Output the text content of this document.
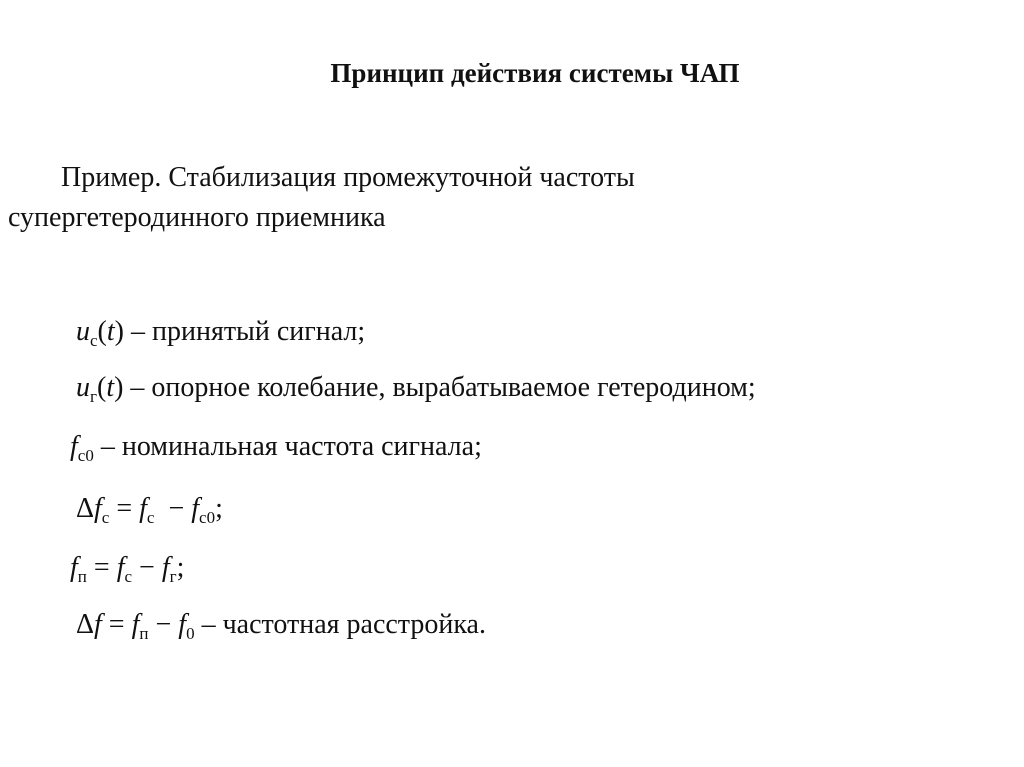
Принцип действия системы ЧАП
Пример. Стабилизация промежуточной частоты
супергетеродинного приемника
$u_с(t)$ – принятый сигнал;
$u_г(t)$ – опорное колебание, вырабатываемое гетеродином;
$f_{с0}$ – номинальная частота сигнала;
$\Delta f_с = f_с - f_{с0}$;
$f_п = f_с - f_г$;
$\Delta f = f_п - f_0$ – частотная расстройка.
